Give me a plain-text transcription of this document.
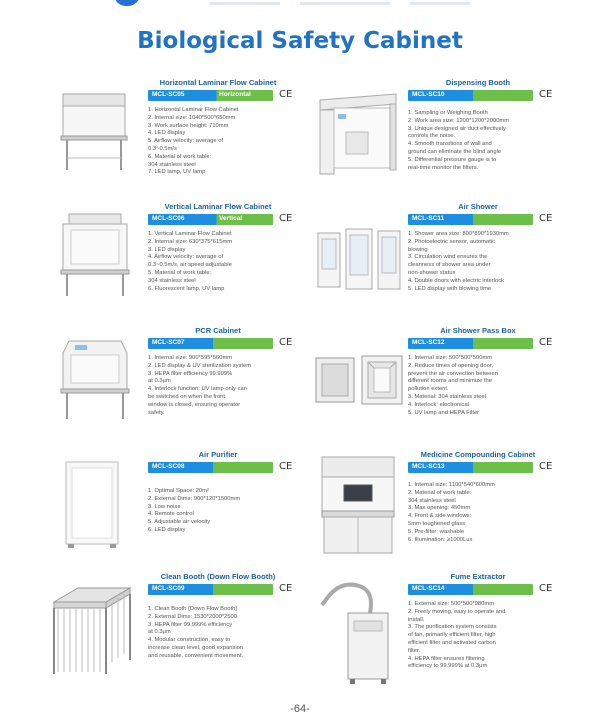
Biological Safety Cabinet
Horizontal Laminar Flow Cabinet
MCL-SC05	Horizontal	CE
1. Horizontal Laminar Flow Cabinet
2. Internal size: 1040*500*650mm
3. Work surface height: 710mm
4. LED display
5. Airflow velocity: average of
0.3~0.5m/s
6. Material of work table:
304 stainless steel
7. LED lamp, UV lamp
Vertical Laminar Flow Cabinet
MCL-SC06	Vertical	CE
1. Vertical Laminar Flow Cabinet
2. Internal size: 630*375*615mm
3. LED display
4. Airflow velocity: average of
0.3~0.5m/s, air speed adjustable
5. Material of work table:
304 stainless steel
6. Fluorescent lamp, UV lamp
PCR Cabinet
MCL-SC07	CE
1. Internal size: 900*595*560mm
2. LED display & UV sterilization system
3. HEPA filter efficiency 99.999%
at 0.3μm
4. Interlock function: UV lamp only can
be switched on when the front
window is closed, ensuring operator
safety.
Air Purifier
MCL-SC08	CE
1. Optimal Space: 20m²
2. External Dims: 900*120*1500mm
3. Low noise
4. Remote control
5. Adjustable air velocity
6. LED display
Clean Booth (Down Flow Booth)
MCL-SC09	CE
1. Clean Booth (Down Flow Booth)
2. External Dims: 1530*2000*2500
3. HEPA filter 99.999% efficiency
at 0.3μm
4. Modular construction, easy to
increase clean level, good expansion
and reusable, convenient movement.
Dispensing Booth
MCL-SC10	CE
1. Sampling or Weighing Booth
2. Work area size: 1200*1200*2000mm
3. Unique designed air duct effectively
controls the noise.
4. Smooth transitions of wall and
ground can eliminate the blind angle
5. Differential pressure gauge is to
real-time monitor the filters.
Air Shower
MCL-SC11	CE
1. Shower area size: 800*890*1930mm
2. Photoelectric sensor, automatic
blowing
3. Circulation wind ensures the
cleanness of shower area under
non-shower status
4. Double doors with electric interlock
5. LED display with blowing time
Air Shower Pass Box
MCL-SC12	CE
1. Internal size: 500*500*500mm
2. Reduce times of opening door,
prevent the air convection between
different rooms and minimize the
pollution extent.
3. Material: 304 stainless steel
4. Interlock: electronical
5. UV lamp and HEPA Filter
Medicine Compounding Cabinet
MCL-SC13	CE
1. Internal size: 1100*540*600mm
2. Material of work table:
304 stainless steel
3. Max opening: 450mm
4. Front & side windows:
5mm toughened glass
5. Pre-filter: washable
6. Illumination: ≥1000Lux
Fume Extractor
MCL-SC14	CE
1. External size: 500*500*980mm
2. Freely moving, easy to operate and
install.
3. The purification system consists
of fan, primarily efficient filter, high
efficient filter and activated carbon
filter.
4. HEPA filter ensures filtering
efficiency to 99.999% at 0.3μm
-64-
